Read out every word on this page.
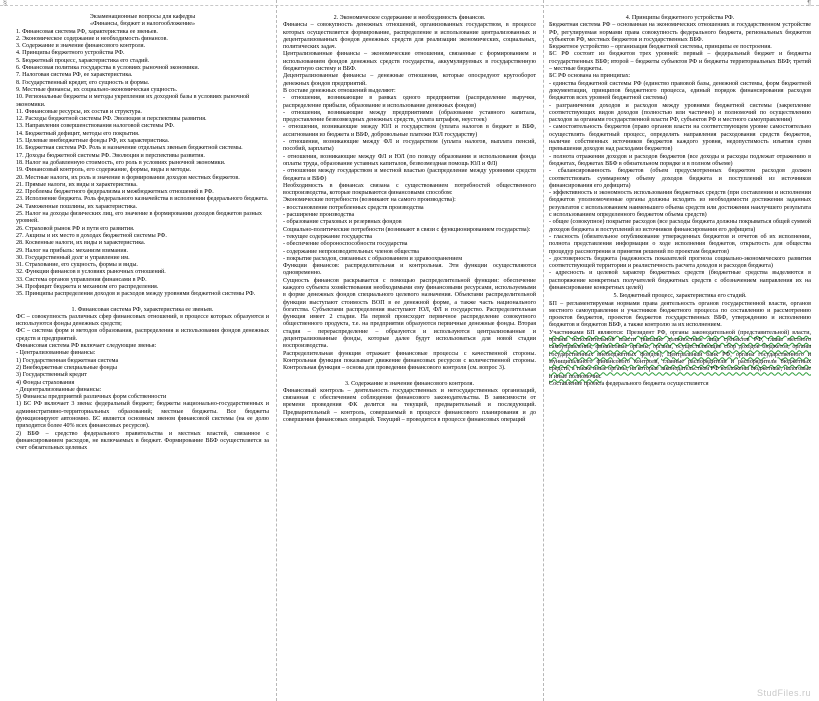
§	¶

Экзаменационные вопросы для кафедры

«Финансы, бюджет и налогообложение»

1. Финансовая система РФ, характеристика ее звеньев.

2. Экономическое содержание и необходимость финансов.

3. Содержание и значение финансового контроля.

4. Принципы бюджетного устройства РФ.

5. Бюджетный процесс, характеристика его стадий.

6. Финансовая политика государства в условиях рыночной экономики.

7. Налоговая система РФ, ее характеристика.

8. Государственный кредит, его сущность и формы.

9. Местные финансы, их социально-экономическая сущность.

10. Региональные бюджеты и методы укрепления их доходной базы в условиях рыночной экономики.

11. Финансовые ресурсы, их состав и структура.

12. Расходы бюджетной системы РФ. Эволюция и перспективы развития.

13. Направления совершенствования налоговой системы РФ.

14. Бюджетный дефицит, методы его покрытия.

15. Целевые внебюджетные фонды РФ, их характеристика.

16. Бюджетная система РФ. Роль и назначение отдельных звеньев бюджетной системы.

17. Доходы бюджетной системы РФ. Эволюция и перспективы развития.

18. Налог на добавленную стоимость, его роль в условиях рыночной экономики.

19. Финансовый контроль, его содержание, формы, виды и методы.

20. Местные налоги, их роль и значение в формировании доходов местных бюджетов.

21. Прямые налоги, их виды и характеристика.

22. Проблемы бюджетного федерализма и межбюджетных отношений в РФ.

23. Исполнение бюджета. Роль федерального казначейства в исполнении федерального бюджета.

24. Таможенные пошлины, их характеристика.

25. Налог на доходы физических лиц, его значение в формировании доходов бюджетов разных уровней.

26. Страховой рынок РФ и пути его развития.

27. Акцизы и их место в доходах бюджетной системы РФ.

28. Косвенные налоги, их виды и характеристика.

29. Налог на прибыль: механизм взимания.

30. Государственный долг и управление им.

31. Страхование, его сущность, формы и виды.

32. Функции финансов в условиях рыночных отношений.

33. Система органов управления финансами в РФ.

34. Профицит бюджета и механизм его распределения.

35. Принципы распределения доходов и расходов между уровнями бюджетной системы РФ.

1. Финансовая система РФ, характеристика ее звеньев.

ФС – совокупность различных сфер финансовых отношений, в процессе которых образуются и используются фонды денежных средств;

ФС – система форм и методов образования, распределения и использования фондов денежных средств и предприятий.

Финансовая система РФ включает следующие звенья:

- Централизованные финансы:

1) Государственная бюджетная система

2) Внебюджетные специальные фонды

3) Государственный кредит

4) Фонды страхования

- Децентрализованные финансы:

5) Финансы предприятий различных форм собственности

1) БС РФ включает 3 звена: федеральный бюджет; бюджеты национально-государственных и административно-территориальных образований; местные бюджеты. Все бюджеты функционируют автономно. БС является основным звеном финансовой системы (на ее долю приходится более 40% всех финансовых ресурсов).

2) ВБФ – средство федерального правительства и местных властей, связанное с финансированием расходов, не включаемых в бюджет. Формирование ВБФ осуществляется за счет обязательных целевых

2. Экономическое содержание и необходимость финансов.

Финансы – совокупность денежных отношений, организованных государством, в процессе которых осуществляется формирование, распределение и использование централизованных и децентрализованных фондов денежных средств для реализации экономических, социальных, политических задач.

Централизованные финансы – экономические отношения, связанные с формированием и использованием фондов денежных средств государства, аккумулируемых в государственную бюджетную систему и ВБФ.

Децентрализованные финансы – денежные отношения, которые опосредуют кругооборот денежных фондов предприятий.

В составе денежных отношений выделяют:

- отношения, возникающие в рамках одного предприятия (распределение выручки, распределение прибыли, образование и использование денежных фондов)

- отношения, возникающие между предприятиями (образование уставного капитала, предоставление безвозмездных денежных средств, уплата штрафов, неустоек)

- отношения, возникающие между ЮЛ и государством (уплата налогов в бюджет и ВБФ, ассигнования из бюджета и ВБФ, добровольные платежи ЮЛ государству)

- отношения, возникающие между ФЛ и государством (уплата налогов, выплата пенсий, пособий, зарплаты)

- отношения, возникающие между ФЛ и ЮЛ (по поводу образования и использования фонда оплаты труда, образование уставных капиталов, безвозмездная помощь ЮЛ и ФЛ)

- отношения между государством и местной властью (распределение между уровнями средств бюджета и ВБФ)

Необходимость в финансах связана с существованием потребностей общественного воспроизводства, которые покрываются финансовыми способом:

Экономические потребности (возникают на самого производства):

- восстановление потребленных средств производства

- расширение производства

- образование страховых и резервных фондов

Социально-политические потребности (возникают в связи с функционированием государства):

- текущее содержание государства

- обеспечение обороноспособности государства

- содержание непроизводительных членов общества

- покрытие расходов, связанных с образованием и здравоохранением

Функции финансов: распределительная и контрольная. Эти функции осуществляются одновременно.

Сущность финансов раскрывается с помощью распределительной функции: обеспечение каждого субъекта хозяйствования необходимыми ему финансовыми ресурсами, используемыми в форме денежных фондов специального целевого назначения. Объектами распределительной функции выступают стоимость ВОП в ее денежной форме, а также часть национального богатства. Субъектами распределения выступают ЮЛ, ФЛ и государство. Распределительная функция имеет 2 стадии. На первой происходит первичное распределение совокупного общественного продукта, т.е. на предприятии образуются первичные денежные фонды. Вторая стадия – перераспределение – образуются и используются централизованные и децентрализованные фонды, которые далее будут использоваться для новой стадии воспроизводства.

Распределительная функция отражает финансовые процессы с качественной стороны. Контрольная функция показывает движение финансовых ресурсов с количественной стороны. Контрольная функция – основа для проведения финансового контроля (см. вопрос 3).

3. Содержание и значение финансового контроля.

Финансовый контроль – деятельность государственных и негосударственных организаций, связанная с обеспечением соблюдения финансового законодательства. В зависимости от времени проведения ФК делится на текущий, предварительный и последующий. Предварительный – контроль, совершаемый в процессе финансового планирования и до совершения финансовых операций. Текущий – проводится в процессе финансовых операций

4. Принципы бюджетного устройства РФ.

Бюджетная система РФ – основанная на экономических отношениях и государственном устройстве РФ, регулируемая нормами права совокупность федерального бюджета, региональных бюджетов субъектов РФ, местных бюджетов и государственных ВБФ.

Бюджетное устройство – организация бюджетной системы, принципы ее построения.

БС РФ состоит из бюджетов трех уровней: первый – федеральный бюджет и бюджеты государственных ВБФ; второй – бюджеты субъектов РФ и бюджеты территориальных ВБФ; третий – местные бюджеты.

БС РФ основана на принципах:

- единства бюджетной системы РФ (единство правовой базы, денежной системы, форм бюджетной документации, принципов бюджетного процесса, единый порядок финансирования расходов бюджетов всех уровней бюджетной системы)

- разграничения доходов и расходов между уровнями бюджетной системы (закрепление соответствующих видов доходов (полностью или частично) и полномочий по осуществлению расходов за органами государственной власти РФ, субъектов РФ и местного самоуправления)

- самостоятельность бюджетов (право органов власти на соответствующем уровне самостоятельно осуществлять бюджетный процесс, определять направления расходования средств бюджетов, наличие собственных источников бюджетов каждого уровня, недопустимость изъятия сумм превышения доходов над расходами бюджетов)

- полнота отражения доходов и расходов бюджетов (все доходы и расходы подлежат отражению в бюджетах, бюджетах ВБФ в обязательном порядке и в полном объеме)

- сбалансированность бюджетов (объем предусмотренных бюджетом расходов должен соответствовать суммарному объему доходов бюджета и поступлений из источников финансирования его дефицита)

- эффективность и экономность использования бюджетных средств (при составлении и исполнении бюджетов уполномоченные органы должны исходить из необходимости достижения заданных результатов с использованием наименьшего объема средств или достижения наилучшего результата с использованием определенного бюджетом объема средств)

- общее (совокупное) покрытие расходов (все расходы бюджета должны покрываться общей суммой доходов бюджета и поступлений из источников финансирования его дефицита)

- гласность (обязательное опубликование утвержденных бюджетов и отчетов об их исполнении, полнота представления информации о ходе исполнения бюджетов, открытость для общества процедур рассмотрения и принятия решений по проектам бюджетов)

- достоверность бюджета (надежность показателей прогноза социально-экономического развития соответствующей территории и реалистичность расчета доходов и расходов бюджета)

- адресность и целевой характер бюджетных средств (бюджетные средства выделяются в распоряжение конкретных получателей бюджетных средств с обозначением направления их на финансирование конкретных целей)

5. Бюджетный процесс, характеристика его стадий.

БП – регламентируемая нормами права деятельность органов государственной власти, органов местного самоуправления и участников бюджетного процесса по составлению и рассмотрению проектов бюджетов, проектов бюджетов государственных ВБФ, утверждению и исполнению бюджетов и бюджетов ВБФ, а также контролю за их исполнением.

Участниками БП являются: Президент РФ, органы законодательной (представительной) власти, органы исполнительной власти (высшие должностные лица субъектов РФ, главы местного самоуправления, финансовые органы, органы, осуществляющие сбор доходов бюджетов, органы государственных внебюджетных фондов), Центральный банк РФ, органы государственного и муниципального финансового контроля, главные распорядители и распорядители бюджетных средств, а также иные органы, на которые законодательством РФ возложены бюджетные, налоговые и иные полномочия.

Составление проекта федерального бюджета осуществляется

StudFiles.ru
